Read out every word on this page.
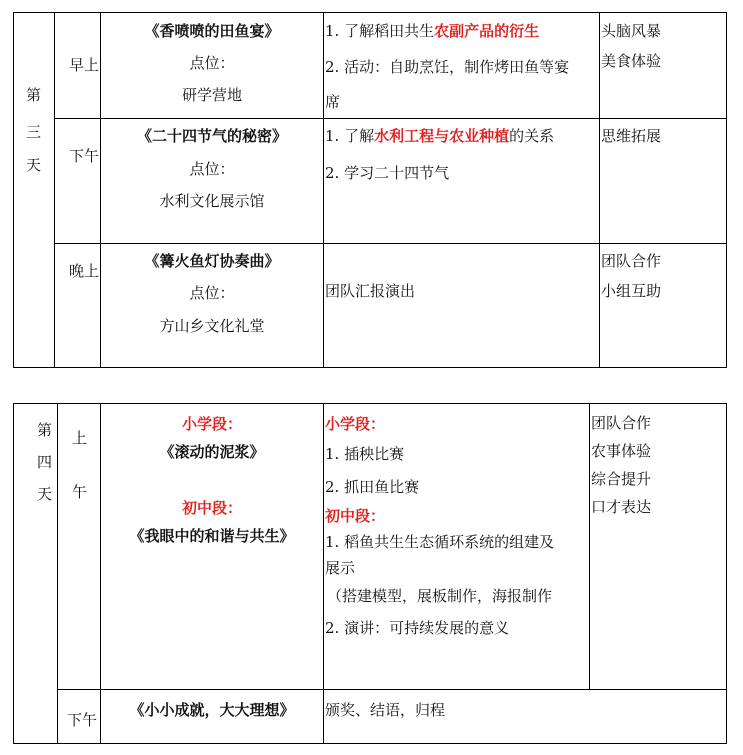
第
三
天
早上
《香喷喷的田鱼宴》
点位：
研学营地
1. 了解稻田共生农副产品的衍生
2. 活动：自助烹饪，制作烤田鱼等宴
席
头脑风暴
美食体验
下午
《二十四节气的秘密》
点位：
水利文化展示馆
1. 了解水利工程与农业种植的关系
2. 学习二十四节气
思维拓展
晚上
《篝火鱼灯协奏曲》
点位：
方山乡文化礼堂
团队汇报演出
团队合作
小组互助
第
四
天
上
午
小学段：
《滚动的泥浆》
初中段：
《我眼中的和谐与共生》
小学段：
1. 插秧比赛
2. 抓田鱼比赛
初中段：
1. 稻鱼共生生态循环系统的组建及
展示
（搭建模型，展板制作，海报制作
2. 演讲：可持续发展的意义
团队合作
农事体验
综合提升
口才表达
下午
《小小成就，大大理想》	颁奖、结语，归程
